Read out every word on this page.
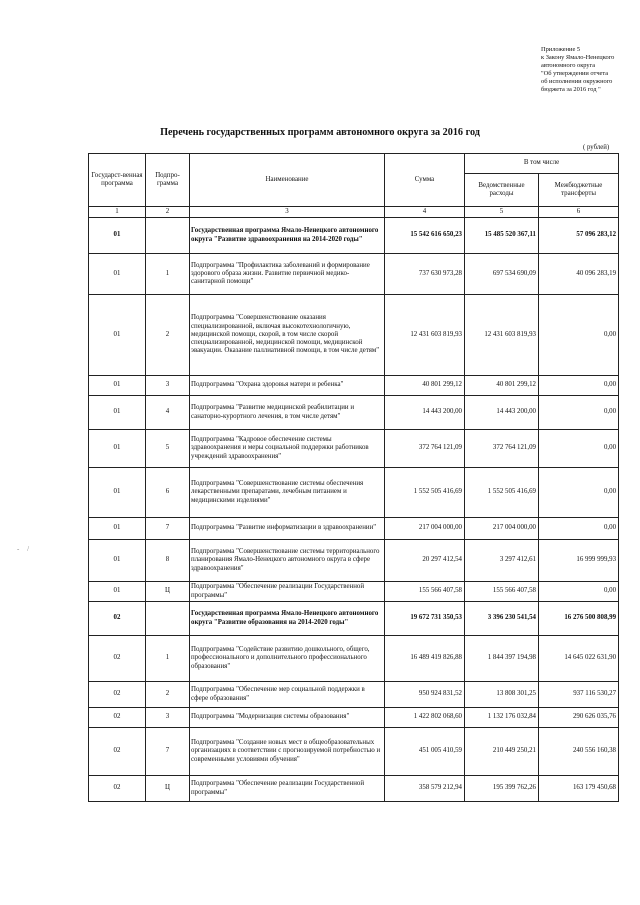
Приложение 5
к Закону Ямало-Ненецкого
автономного округа
"Об утверждении отчета
об исполнении окружного
бюджета за 2016 год "
Перечень государственных программ автономного округа за 2016 год
( рублей)
- /
Государст-венная программа	Подпро-грамма	Наименование	Сумма	В том числе	
				Ведомственные расходы	Межбюджетные трансферты
1	2	3	4	5	6
01		Государственная программа Ямало-Ненецкого автономного округа "Развитие здравоохранения на 2014-2020 годы"	15 542 616 650,23	15 485 520 367,11	57 096 283,12
01	1	Подпрограмма "Профилактика заболеваний и формирование здорового образа жизни. Развитие первичной медико-санитарной помощи"	737 630 973,28	697 534 690,09	40 096 283,19
01	2	Подпрограмма "Совершенствование оказания специализированной, включая высокотехнологичную, медицинской помощи, скорой, в том числе скорой специализированной, медицинской помощи, медицинской эвакуации. Оказание паллиативной помощи, в том числе детям"	12 431 603 819,93	12 431 603 819,93	0,00
01	3	Подпрограмма "Охрана здоровья матери и ребенка"	40 801 299,12	40 801 299,12	0,00
01	4	Подпрограмма "Развитие медицинской реабилитации и санаторно-курортного лечения, в том числе детям"	14 443 200,00	14 443 200,00	0,00
01	5	Подпрограмма "Кадровое обеспечение системы здравоохранения и меры социальной поддержки работников учреждений здравоохранения"	372 764 121,09	372 764 121,09	0,00
01	6	Подпрограмма "Совершенствование системы обеспечения лекарственными препаратами, лечебным питанием и медицинскими изделиями"	1 552 505 416,69	1 552 505 416,69	0,00
01	7	Подпрограмма "Развитие информатизации в здравоохранении"	217 004 000,00	217 004 000,00	0,00
01	8	Подпрограмма "Совершенствование системы территориального планирования Ямало-Ненецкого автономного округа в сфере здравоохранения"	20 297 412,54	3 297 412,61	16 999 999,93
01	Ц	Подпрограмма "Обеспечение реализации Государственной программы"	155 566 407,58	155 566 407,58	0,00
02		Государственная программа Ямало-Ненецкого автономного округа "Развитие образования на 2014-2020 годы"	19 672 731 350,53	3 396 230 541,54	16 276 500 808,99
02	1	Подпрограмма "Содействие развитию дошкольного, общего, профессионального и дополнительного профессионального образования"	16 489 419 826,88	1 844 397 194,98	14 645 022 631,90
02	2	Подпрограмма "Обеспечение мер социальной поддержки в сфере образования"	950 924 831,52	13 808 301,25	937 116 530,27
02	3	Подпрограмма "Модернизация системы образования"	1 422 802 068,60	1 132 176 032,84	290 626 035,76
02	7	Подпрограмма "Создание новых мест в общеобразовательных организациях в соответствии с прогнозируемой потребностью и современными условиями обучения"	451 005 410,59	210 449 250,21	240 556 160,38
02	Ц	Подпрограмма "Обеспечение реализации Государственной программы"	358 579 212,94	195 399 762,26	163 179 450,68
